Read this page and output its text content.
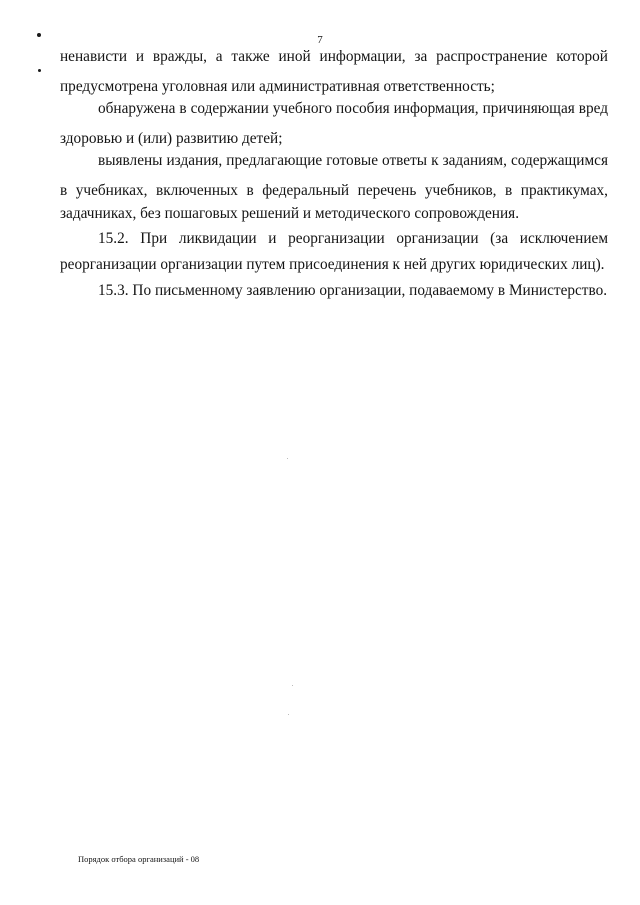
7
ненависти и вражды, а также иной информации, за распространение которой
предусмотрена уголовная или административная ответственность;
обнаружена в содержании учебного пособия информация, причиняющая вред
здоровью и (или) развитию детей;
выявлены издания, предлагающие готовые ответы к заданиям, содержащимся
в учебниках, включенных в федеральный перечень учебников, в практикумах,
задачниках, без пошаговых решений и методического сопровождения.
15.2. При ликвидации и реорганизации организации (за исключением
реорганизации организации путем присоединения к ней других юридических лиц).
15.3. По письменному заявлению организации, подаваемому в Министерство.
Порядок отбора организаций - 08
